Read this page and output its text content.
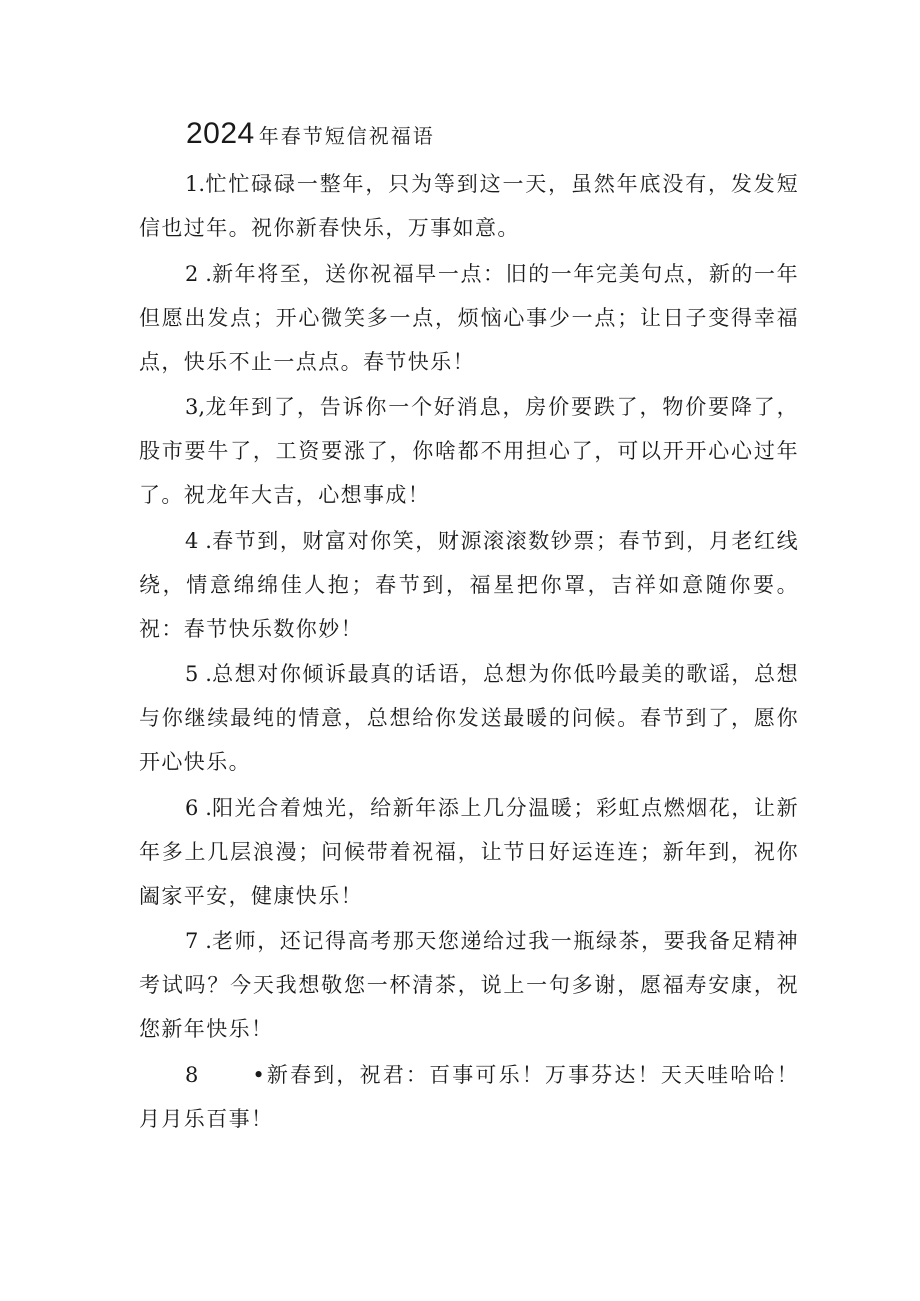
2024 年春节短信祝福语

1.忙忙碌碌一整年，只为等到这一天，虽然年底没有，发发短信也过年。祝你新春快乐，万事如意。

2 .新年将至，送你祝福早一点：旧的一年完美句点，新的一年但愿出发点；开心微笑多一点，烦恼心事少一点；让日子变得幸福点，快乐不止一点点。春节快乐！

3,龙年到了，告诉你一个好消息，房价要跌了，物价要降了，股市要牛了，工资要涨了，你啥都不用担心了，可以开开心心过年了。祝龙年大吉，心想事成！

4 .春节到，财富对你笑，财源滚滚数钞票；春节到，月老红线绕，情意绵绵佳人抱；春节到，福星把你罩，吉祥如意随你要。祝：春节快乐数你妙！

5 .总想对你倾诉最真的话语，总想为你低吟最美的歌谣，总想与你继续最纯的情意，总想给你发送最暖的问候。春节到了，愿你开心快乐。

6 .阳光合着烛光，给新年添上几分温暖；彩虹点燃烟花，让新年多上几层浪漫；问候带着祝福，让节日好运连连；新年到，祝你阖家平安，健康快乐！

7 .老师，还记得高考那天您递给过我一瓶绿茶，要我备足精神考试吗？今天我想敬您一杯清茶，说上一句多谢，愿福寿安康，祝您新年快乐！

8	•新春到，祝君：百事可乐！万事芬达！天天哇哈哈！月月乐百事！
